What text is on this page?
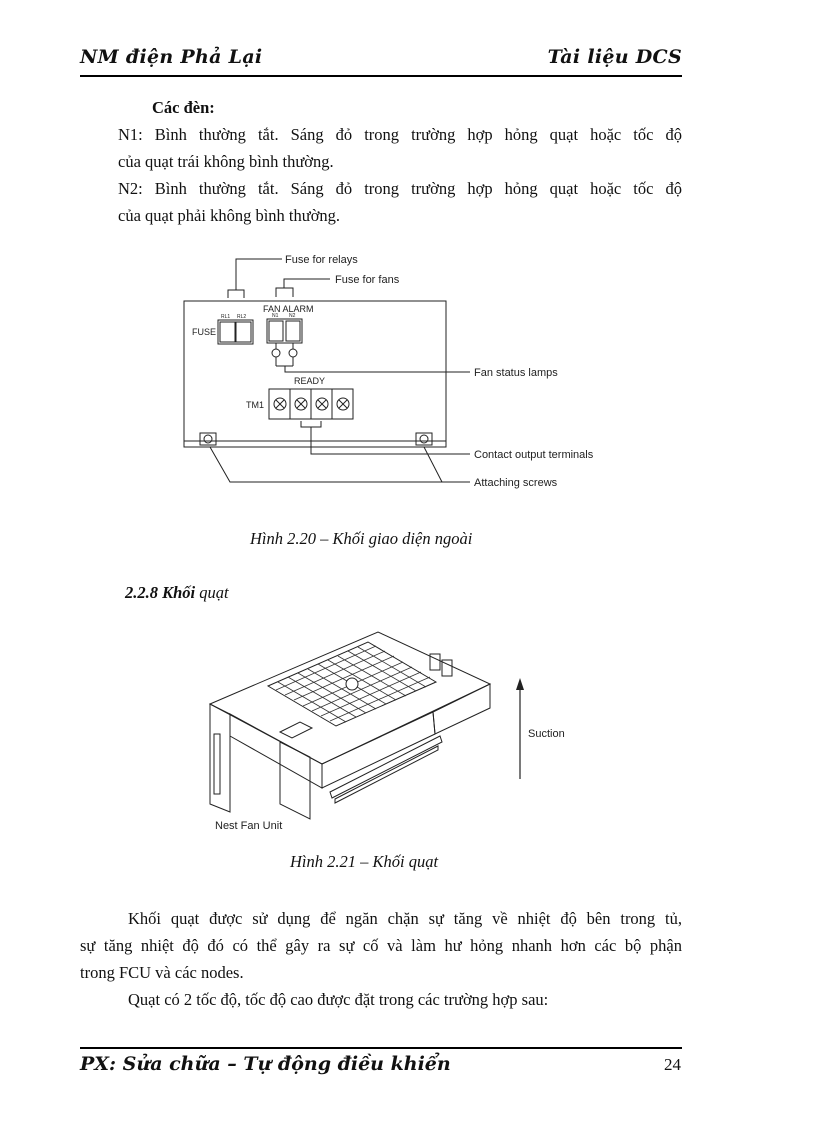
NM điện Phả Lại	Tài liệu DCS
Các đèn:
N1: Bình thường tắt. Sáng đỏ trong trường hợp hỏng quạt hoặc tốc độ
của quạt trái không bình thường.
N2: Bình thường tắt. Sáng đỏ trong trường hợp hỏng quạt hoặc tốc độ
của quạt phải không bình thường.
Fuse for relays
Fuse for fans
FAN ALARM
RL1 RL2	N1 N2
FUSE
Fan status lamps
READY
TM1
Contact output terminals
Attaching screws
Hình 2.20 – Khối giao diện ngoài
2.2.8 Khối quạt
Suction
Nest Fan Unit
Hình 2.21 – Khối quạt
Khối quạt được sử dụng để ngăn chặn sự tăng về nhiệt độ bên trong tủ,
sự tăng nhiệt độ đó có thể gây ra sự cố và làm hư hỏng nhanh hơn các bộ phận
trong FCU và các nodes.
Quạt có 2 tốc độ, tốc độ cao được đặt trong các trường hợp sau:
PX: Sửa chữa – Tự động điều khiển	24
